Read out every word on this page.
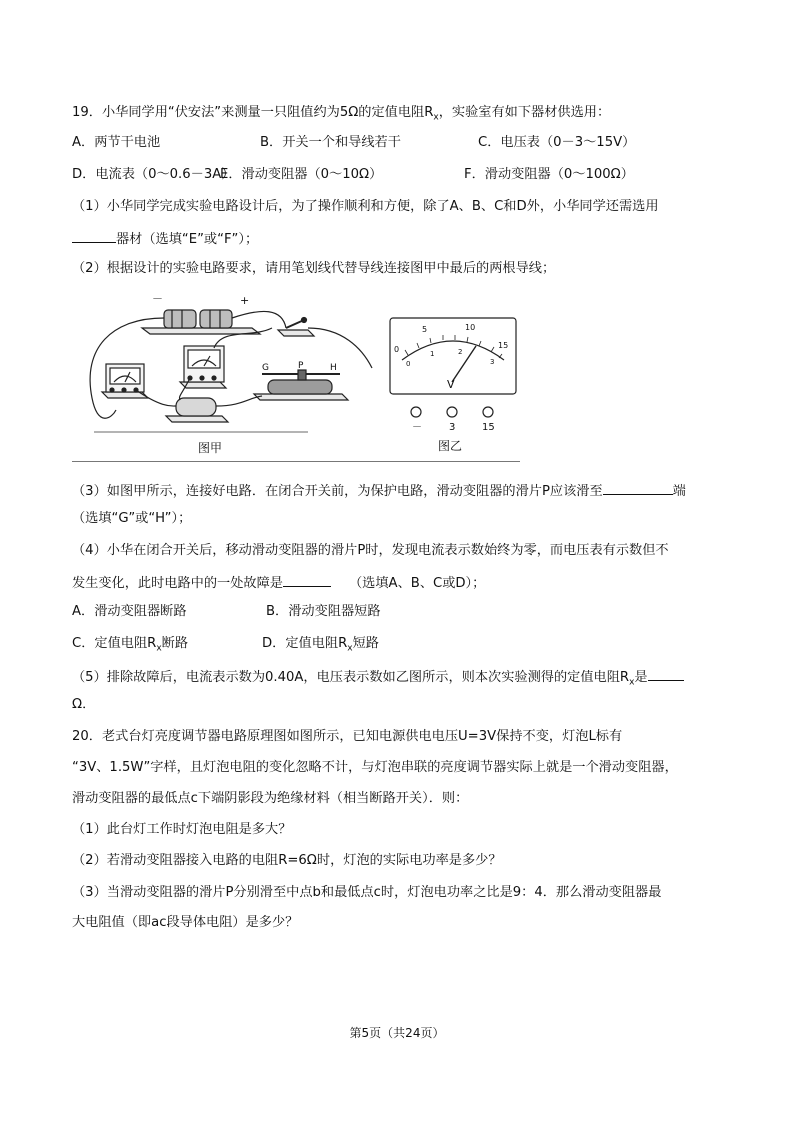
19．小华同学用“伏安法”来测量一只阻值约为5Ω的定值电阻$R_x$，实验室有如下器材供选用：
A．两节干电池	B．开关一个和导线若干	C．电压表（0－3～15V）
D．电流表（0～0.6－3A）
E．滑动变阻器（0～10Ω）	F．滑动变阻器（0～100Ω）
（1）小华同学完成实验电路设计后，为了操作顺利和方便，除了A、B、C和D外，小华同学还需选用
器材（选填“E”或“F”）；
（2）根据设计的实验电路要求，请用笔划线代替导线连接图甲中最后的两根导线；
－	+
G	P	H
图甲
0
5	10
15
0
1	2
3
V
－	3	15
图乙
（3）如图甲所示，连接好电路．在闭合开关前，为保护电路，滑动变阻器的滑片P应该滑至	端
（选填“G”或“H”）；
（4）小华在闭合开关后，移动滑动变阻器的滑片P时，发现电流表示数始终为零，而电压表有示数但不
发生变化，此时电路中的一处故障是	（选填A、B、C或D）；
A．滑动变阻器断路	B．滑动变阻器短路
C．定值电阻$R_x$断路	D．定值电阻$R_x$短路
（5）排除故障后，电流表示数为0.40A，电压表示数如乙图所示，则本次实验测得的定值电阻$R_x$是
Ω．
20．老式台灯亮度调节器电路原理图如图所示，已知电源供电电压U=3V保持不变，灯泡L标有
“3V、1.5W”字样，且灯泡电阻的变化忽略不计，与灯泡串联的亮度调节器实际上就是一个滑动变阻器，
滑动变阻器的最低点c下端阴影段为绝缘材料（相当断路开关）．则：
（1）此台灯工作时灯泡电阻是多大？
（2）若滑动变阻器接入电路的电阻R=6Ω时，灯泡的实际电功率是多少？
（3）当滑动变阻器的滑片P分别滑至中点b和最低点c时，灯泡电功率之比是9：4．那么滑动变阻器最
大电阻值（即ac段导体电阻）是多少？
第5页（共24页）
